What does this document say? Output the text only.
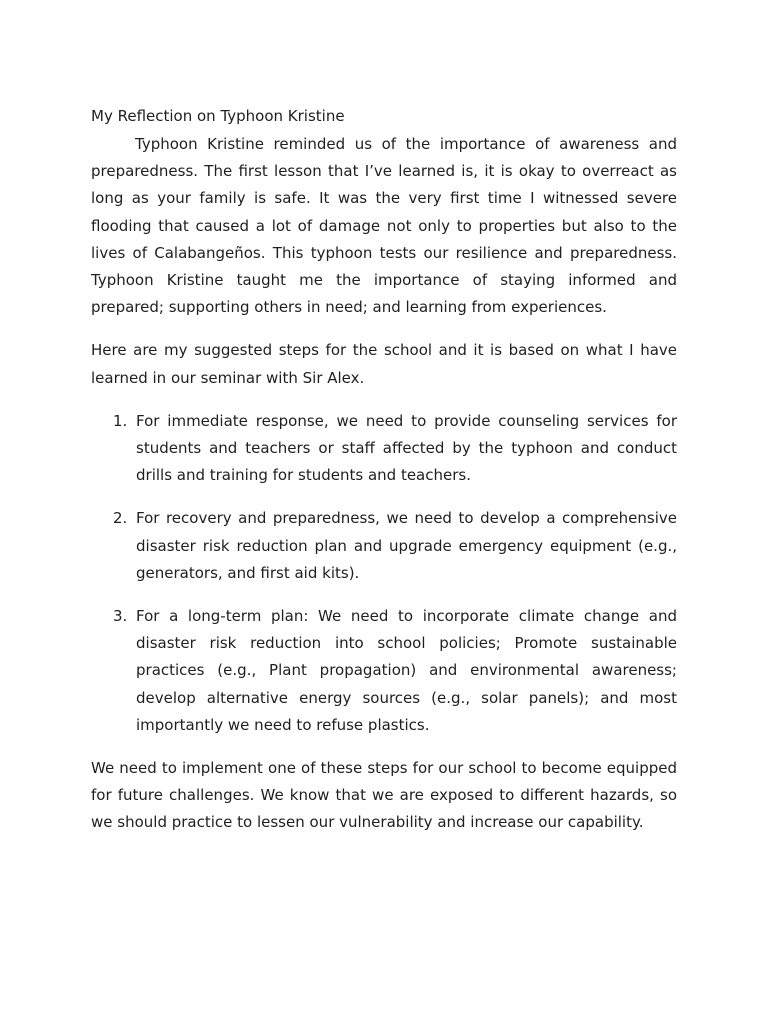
My Reflection on Typhoon Kristine

Typhoon Kristine reminded us of the importance of awareness and preparedness. The first lesson that I’ve learned is, it is okay to overreact as long as your family is safe. It was the very first time I witnessed severe flooding that caused a lot of damage not only to properties but also to the lives of Calabangeños. This typhoon tests our resilience and preparedness. Typhoon Kristine taught me the importance of staying informed and prepared; supporting others in need; and learning from experiences.

Here are my suggested steps for the school and it is based on what I have learned in our seminar with Sir Alex.

1. For immediate response, we need to provide counseling services for students and teachers or staff affected by the typhoon and conduct drills and training for students and teachers.
2. For recovery and preparedness, we need to develop a comprehensive disaster risk reduction plan and upgrade emergency equipment (e.g., generators, and first aid kits).
3. For a long-term plan: We need to incorporate climate change and disaster risk reduction into school policies; Promote sustainable practices (e.g., Plant propagation) and environmental awareness; develop alternative energy sources (e.g., solar panels); and most importantly we need to refuse plastics.

We need to implement one of these steps for our school to become equipped for future challenges. We know that we are exposed to different hazards, so we should practice to lessen our vulnerability and increase our capability.
